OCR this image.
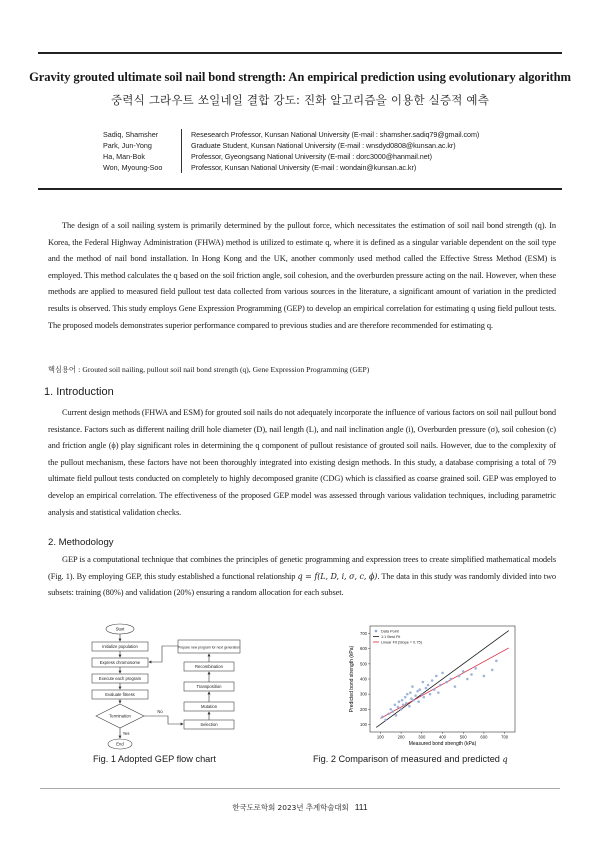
Gravity grouted ultimate soil nail bond strength: An empirical prediction using evolutionary algorithm
중력식 그라우트 쏘일네일 결합 강도: 진화 알고리즘을 이용한 실증적 예측
Sadiq, Shamsher	Resesearch Professor, Kunsan National University (E-mail : shamsher.sadiq79@gmail.com)
Park, Jun-Yong	Graduate Student, Kunsan National University (E-mail : wnsdyd0808@kunsan.ac.kr)
Ha, Man-Bok	Professor, Gyeongsang National University (E-mail : dorc3000@hanmail.net)
Won, Myoung-Soo	Professor, Kunsan National University (E-mail : wondain@kunsan.ac.kr)
The design of a soil nailing system is primarily determined by the pullout force, which necessitates the estimation of soil nail bond strength (q). In Korea, the Federal Highway Administration (FHWA) method is utilized to estimate q, where it is defined as a singular variable dependent on the soil type and the method of nail bond installation. In Hong Kong and the UK, another commonly used method called the Effective Stress Method (ESM) is employed. This method calculates the q based on the soil friction angle, soil cohesion, and the overburden pressure acting on the nail. However, when these methods are applied to measured field pullout test data collected from various sources in the literature, a significant amount of variation in the predicted results is observed. This study employs Gene Expression Programming (GEP) to develop an empirical correlation for estimating q using field pullout tests. The proposed models demonstrates superior performance compared to previous studies and are therefore recommended for estimating q.
핵심용어 : Grouted soil nailing, pullout soil nail bond strength (q), Gene Expression Programming (GEP)
1. Introduction
Current design methods (FHWA and ESM) for grouted soil nails do not adequately incorporate the influence of various factors on soil nail pullout bond resistance. Factors such as different nailing drill hole diameter (D), nail length (L), and nail inclination angle (i), Overburden pressure (σ), soil cohesion (c) and friction angle (ϕ) play significant roles in determining the q component of pullout resistance of grouted soil nails. However, due to the complexity of the pullout mechanism, these factors have not been thoroughly integrated into existing design methods. In this study, a database comprising a total of 79 ultimate field pullout tests conducted on completely to highly decomposed granite (CDG) which is classified as coarse grained soil. GEP was employed to develop an empirical correlation. The effectiveness of the proposed GEP model was assessed through various validation techniques, including parametric analysis and statistical validation checks.
2. Methodology
GEP is a computational technique that combines the principles of genetic programming and expression trees to create simplified mathematical models (Fig. 1). By employing GEP, this study established a functional relationship q = f(L, D, i, σ, c, ϕ). The data in this study was randomly divided into two subsets: training (80%) and validation (20%) ensuring a random allocation for each subset.
Start
Initialize population
Express chromosome
Execute each program
Evaluate fitness
Termination
End
Prepare new program for next generation
Recombination
Transposition
Mutation
Selection
Yes
No
100	200	300	400	500	600	700
100
200
300
400
500
600
700	Data Point
1:1 Best Fit
Linear Fit (Slope = 0.75)
Measured bond strength (kPa)
Predicted bond strength (kPa)
Fig. 1 Adopted GEP flow chart	Fig. 2 Comparison of measured and predicted q
한국도로학회 2023년 추계학술대회 111
